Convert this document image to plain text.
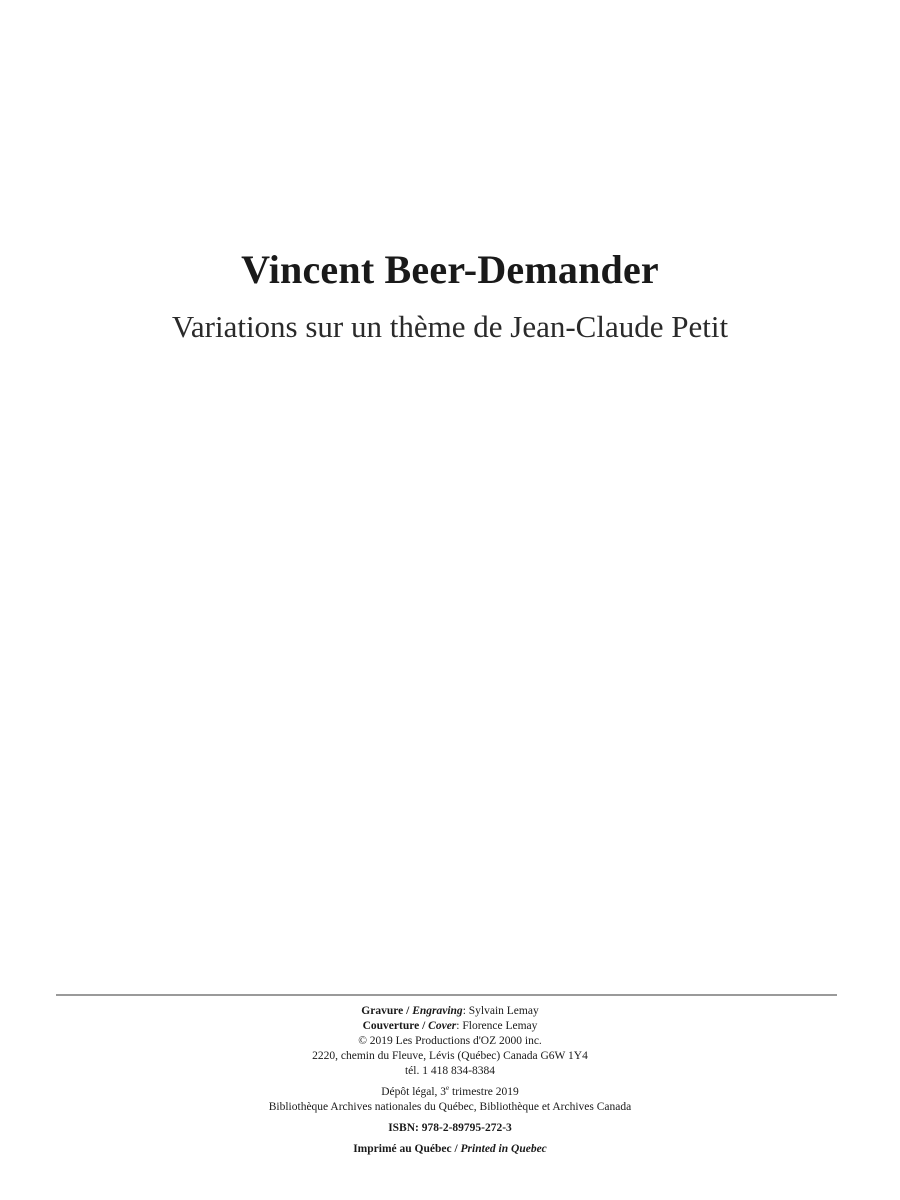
Vincent Beer-Demander
Variations sur un thème de Jean-Claude Petit
Gravure / Engraving: Sylvain Lemay
Couverture / Cover: Florence Lemay
© 2019 Les Productions d'OZ 2000 inc.
2220, chemin du Fleuve, Lévis (Québec) Canada G6W 1Y4
tél. 1 418 834-8384
Dépôt légal, 3e trimestre 2019
Bibliothèque Archives nationales du Québec, Bibliothèque et Archives Canada
ISBN: 978-2-89795-272-3
Imprimé au Québec / Printed in Quebec
